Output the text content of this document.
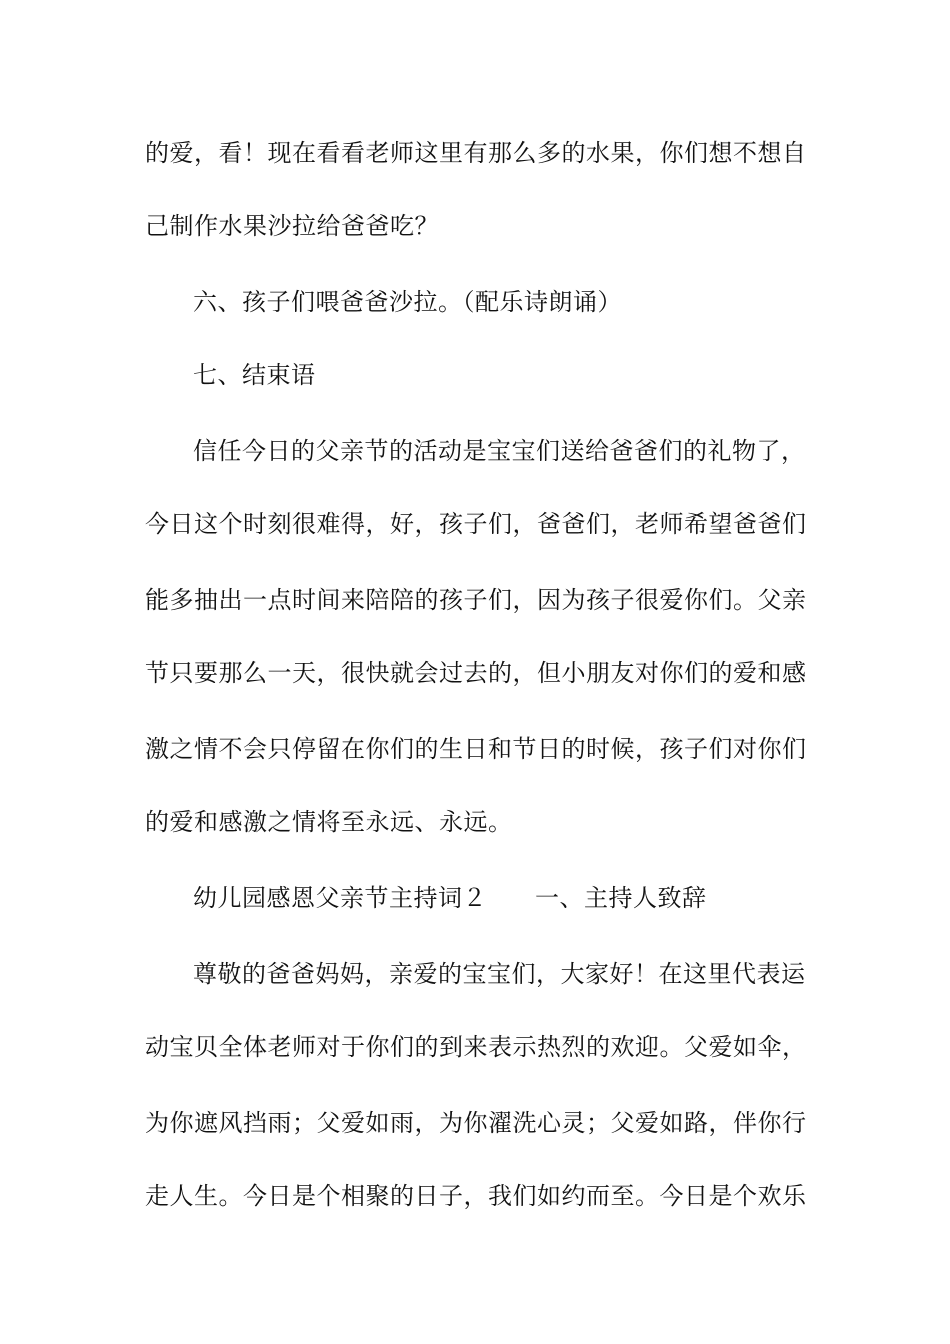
的爱，看！现在看看老师这里有那么多的水果，你们想不想自
己制作水果沙拉给爸爸吃？
六、孩子们喂爸爸沙拉。（配乐诗朗诵）
七、结束语
信任今日的父亲节的活动是宝宝们送给爸爸们的礼物了，
今日这个时刻很难得，好，孩子们，爸爸们，老师希望爸爸们
能多抽出一点时间来陪陪的孩子们，因为孩子很爱你们。父亲
节只要那么一天，很快就会过去的，但小朋友对你们的爱和感
激之情不会只停留在你们的生日和节日的时候，孩子们对你们
的爱和感激之情将至永远、永远。
幼儿园感恩父亲节主持词２ 一、主持人致辞
尊敬的爸爸妈妈，亲爱的宝宝们，大家好！在这里代表运
动宝贝全体老师对于你们的到来表示热烈的欢迎。父爱如伞，
为你遮风挡雨；父爱如雨，为你濯洗心灵；父爱如路，伴你行
走人生。今日是个相聚的日子，我们如约而至。今日是个欢乐
